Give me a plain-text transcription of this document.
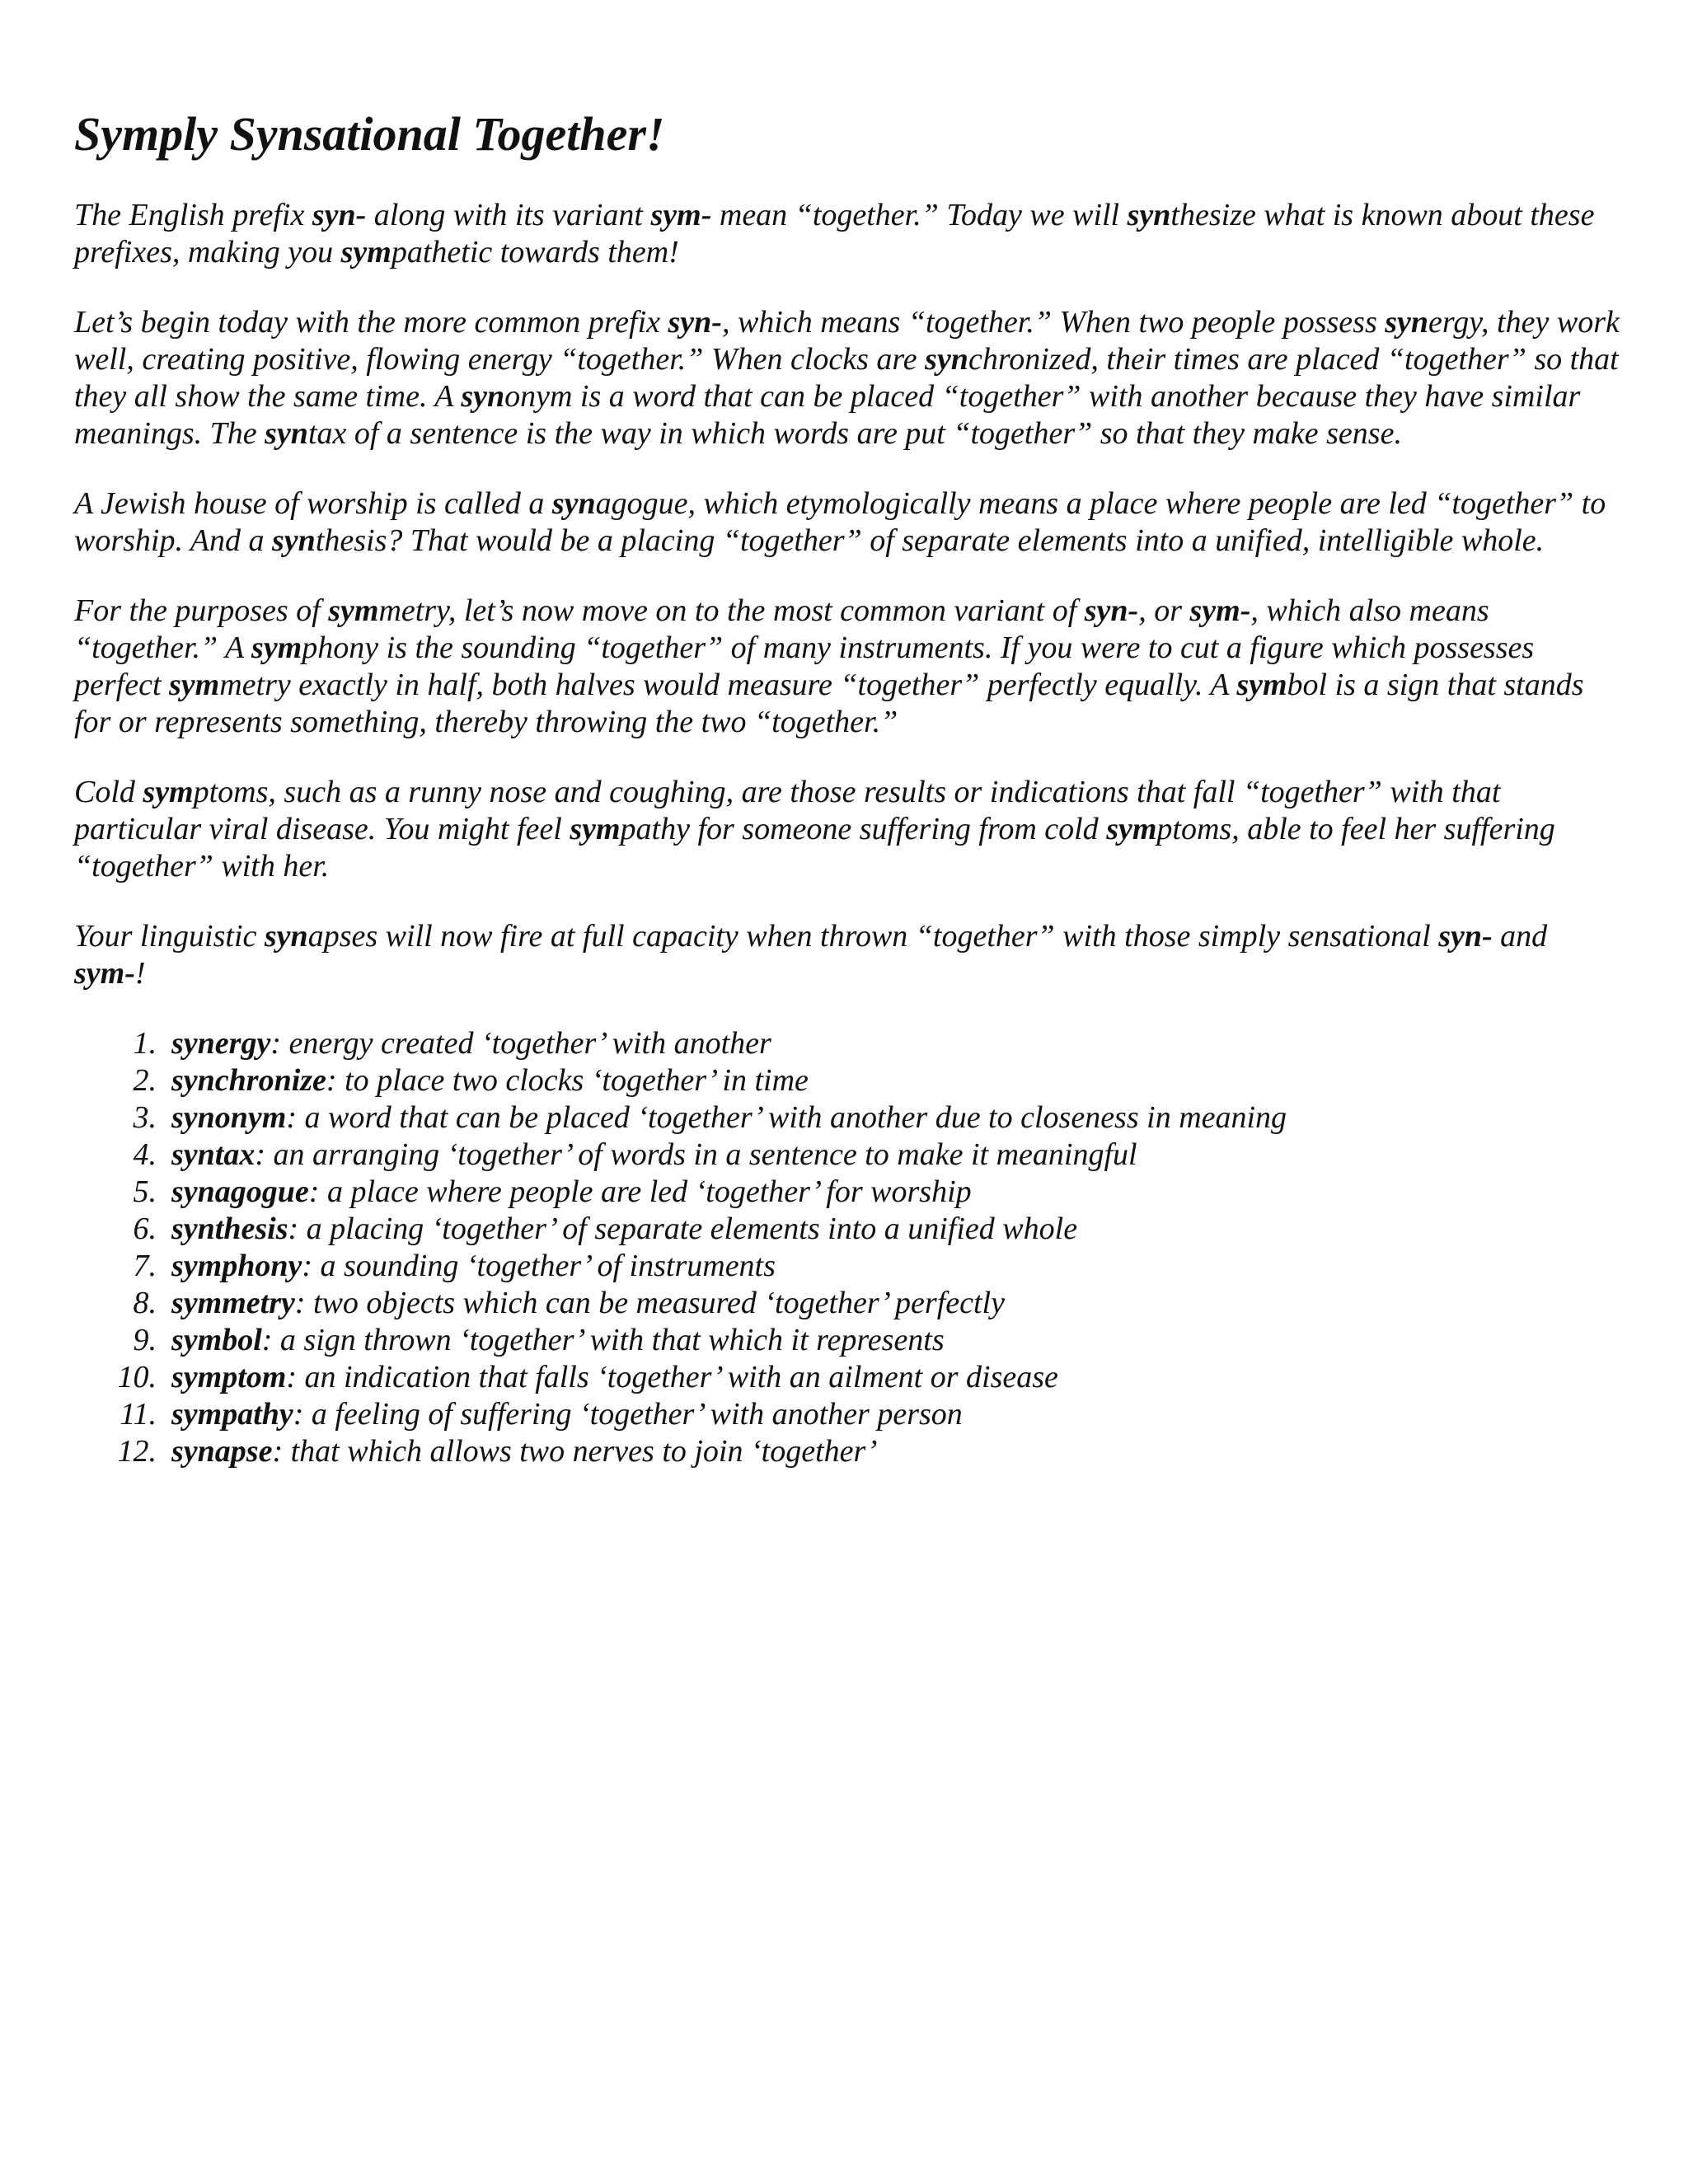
Symply Synsational Together!

The English prefix syn- along with its variant sym- mean “together.” Today we will synthesize what is known about these prefixes, making you sympathetic towards them!

Let’s begin today with the more common prefix syn-, which means “together.” When two people possess synergy, they work well, creating positive, flowing energy “together.” When clocks are synchronized, their times are placed “together” so that they all show the same time. A synonym is a word that can be placed “together” with another because they have similar meanings. The syntax of a sentence is the way in which words are put “together” so that they make sense.

A Jewish house of worship is called a synagogue, which etymologically means a place where people are led “together” to worship. And a synthesis? That would be a placing “together” of separate elements into a unified, intelligible whole.

For the purposes of symmetry, let’s now move on to the most common variant of syn-, or sym-, which also means “together.” A symphony is the sounding “together” of many instruments. If you were to cut a figure which possesses perfect symmetry exactly in half, both halves would measure “together” perfectly equally. A symbol is a sign that stands for or represents something, thereby throwing the two “together.”

Cold symptoms, such as a runny nose and coughing, are those results or indications that fall “together” with that particular viral disease. You might feel sympathy for someone suffering from cold symptoms, able to feel her suffering “together” with her.

Your linguistic synapses will now fire at full capacity when thrown “together” with those simply sensational syn- and sym-!

1. synergy: energy created ‘together’ with another
2. synchronize: to place two clocks ‘together’ in time
3. synonym: a word that can be placed ‘together’ with another due to closeness in meaning
4. syntax: an arranging ‘together’ of words in a sentence to make it meaningful
5. synagogue: a place where people are led ‘together’ for worship
6. synthesis: a placing ‘together’ of separate elements into a unified whole
7. symphony: a sounding ‘together’ of instruments
8. symmetry: two objects which can be measured ‘together’ perfectly
9. symbol: a sign thrown ‘together’ with that which it represents
10. symptom: an indication that falls ‘together’ with an ailment or disease
11. sympathy: a feeling of suffering ‘together’ with another person
12. synapse: that which allows two nerves to join ‘together’
